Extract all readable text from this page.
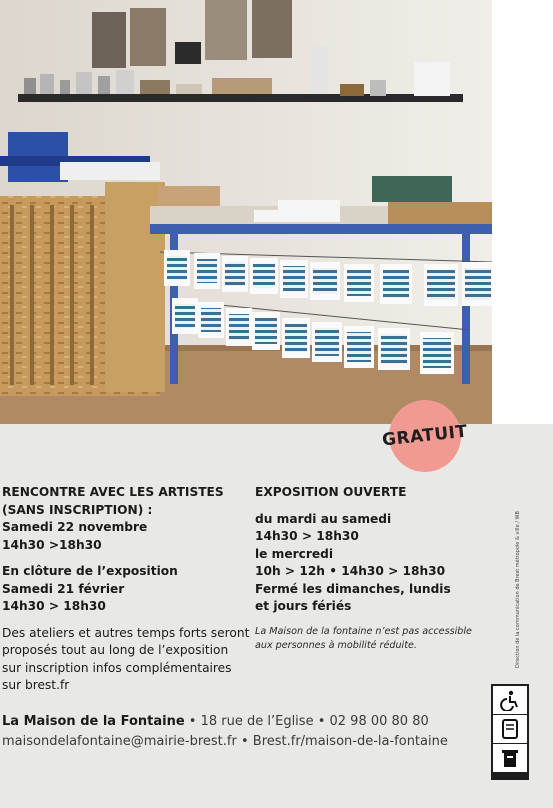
GRATUIT

RENCONTRE AVEC LES ARTISTES

(SANS INSCRIPTION) :

Samedi 22 novembre

14h30 >18h30

En clôture de l’exposition

Samedi 21 février

14h30 > 18h30

Des ateliers et autres temps forts seront

proposés tout au long de l’exposition

sur inscription infos complémentaires

sur brest.fr

EXPOSITION OUVERTE

du mardi au samedi

14h30 > 18h30

le mercredi

10h > 12h • 14h30 > 18h30

Fermé les dimanches, lundis

et jours fériés

La Maison de la fontaine n’est pas accessible

aux personnes à mobilité réduite.	Direction de la communication de Brest métropole & ville / WB
La Maison de la Fontaine • 18 rue de l’Eglise • 02 98 00 80 80
maisondelafontaine@mairie-brest.fr • Brest.fr/maison-de-la-fontaine
